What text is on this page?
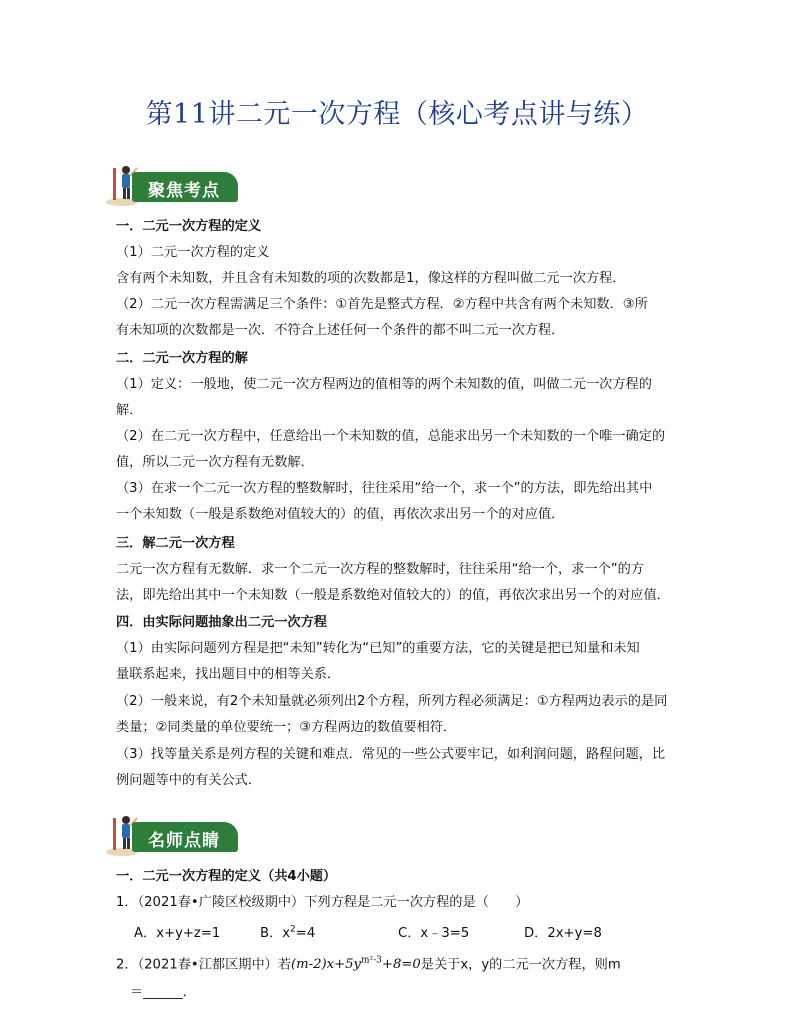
第11讲二元一次方程（核心考点讲与练）
聚焦考点
一．二元一次方程的定义
（1）二元一次方程的定义
含有两个未知数，并且含有未知数的项的次数都是1，像这样的方程叫做二元一次方程．
（2）二元一次方程需满足三个条件：①首先是整式方程．②方程中共含有两个未知数．③所
有未知项的次数都是一次．不符合上述任何一个条件的都不叫二元一次方程．
二．二元一次方程的解
（1）定义：一般地，使二元一次方程两边的值相等的两个未知数的值，叫做二元一次方程的
解．
（2）在二元一次方程中，任意给出一个未知数的值，总能求出另一个未知数的一个唯一确定的
值，所以二元一次方程有无数解．
（3）在求一个二元一次方程的整数解时，往往采用“给一个，求一个”的方法，即先给出其中
一个未知数（一般是系数绝对值较大的）的值，再依次求出另一个的对应值．
三．解二元一次方程
二元一次方程有无数解．求一个二元一次方程的整数解时，往往采用“给一个，求一个”的方
法，即先给出其中一个未知数（一般是系数绝对值较大的）的值，再依次求出另一个的对应值．
四．由实际问题抽象出二元一次方程
（1）由实际问题列方程是把“未知”转化为“已知”的重要方法，它的关键是把已知量和未知
量联系起来，找出题目中的相等关系．
（2）一般来说，有2个未知量就必须列出2个方程，所列方程必须满足：①方程两边表示的是同
类量；②同类量的单位要统一；③方程两边的数值要相符．
（3）找等量关系是列方程的关键和难点．常见的一些公式要牢记，如利润问题，路程问题，比
例问题等中的有关公式．
名师点睛
一．二元一次方程的定义（共4小题）
1．（2021春•广陵区校级期中）下列方程是二元一次方程的是（　　）
A．x+y+z=1	B．$x^2=4$	C．x﹣3=5	D．2x+y=8
2．（2021春•江都区期中）若$(m-2)x+5y^{m^2-3}+8=0$是关于x，y的二元一次方程，则m
＝______．
